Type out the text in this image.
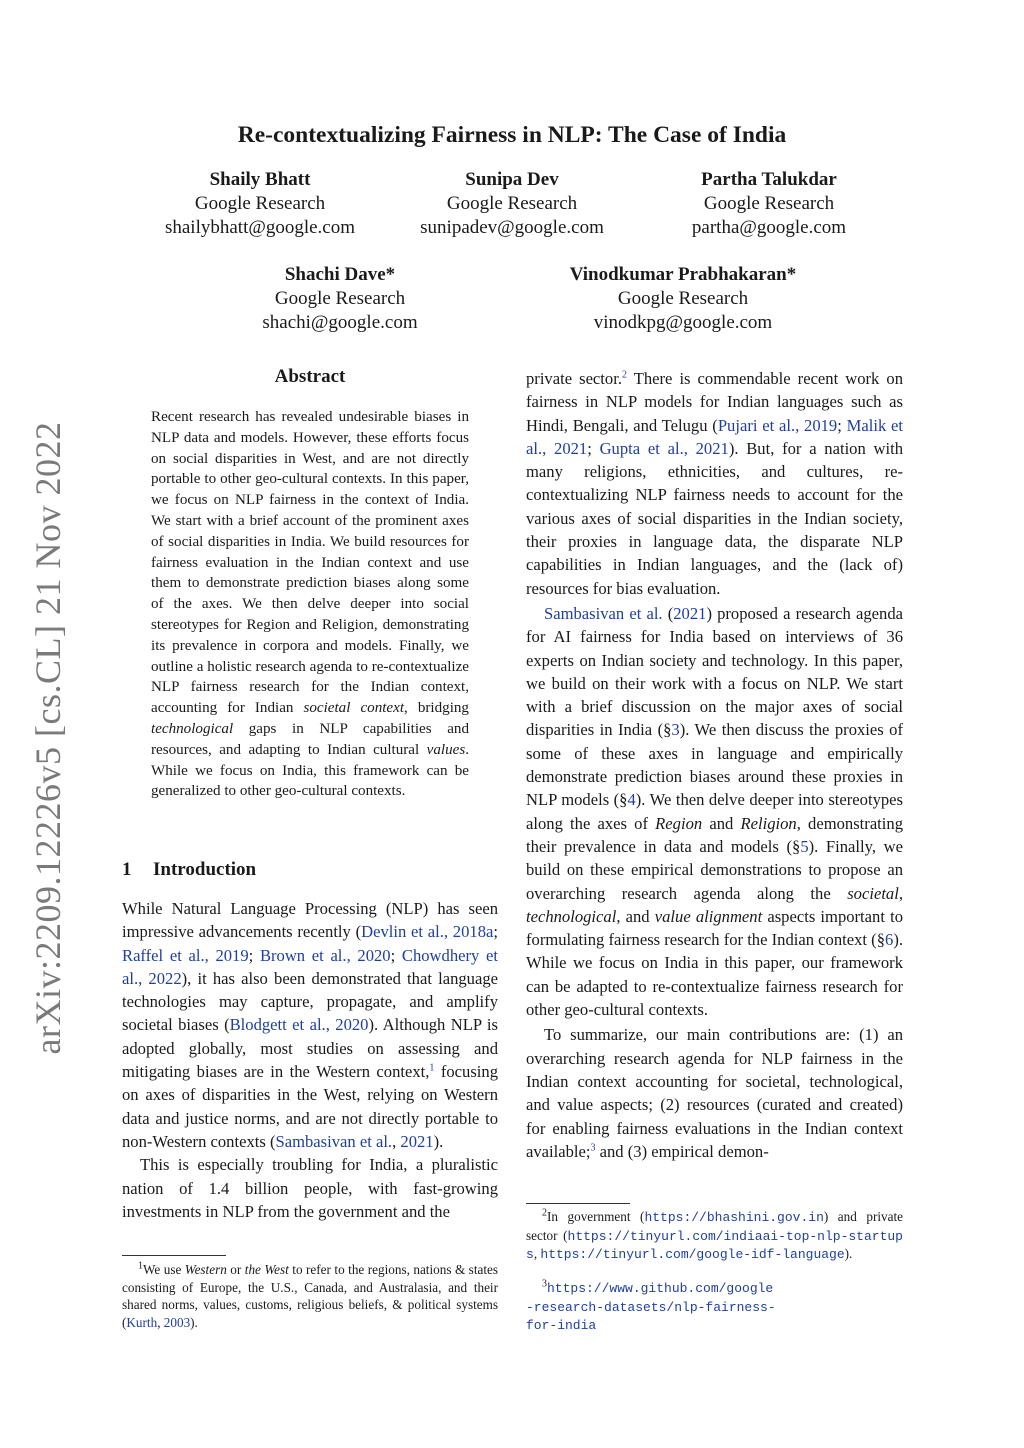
arXiv:2209.12226v5 [cs.CL] 21 Nov 2022
Re-contextualizing Fairness in NLP: The Case of India
Shaily Bhatt
Google Research
shailybhatt@google.com
Sunipa Dev
Google Research
sunipadev@google.com
Partha Talukdar
Google Research
partha@google.com
Shachi Dave*
Google Research
shachi@google.com
Vinodkumar Prabhakaran*
Google Research
vinodkpg@google.com
Abstract
Recent research has revealed undesirable biases in NLP data and models. However, these efforts focus on social disparities in West, and are not directly portable to other geo-cultural contexts. In this paper, we focus on NLP fairness in the context of India. We start with a brief account of the prominent axes of social disparities in India. We build resources for fairness evaluation in the Indian context and use them to demonstrate prediction biases along some of the axes. We then delve deeper into social stereotypes for Region and Religion, demonstrating its prevalence in corpora and models. Finally, we outline a holistic research agenda to re-contextualize NLP fairness research for the Indian context, accounting for Indian societal context, bridging technological gaps in NLP capabilities and resources, and adapting to Indian cultural values. While we focus on India, this framework can be generalized to other geo-cultural contexts.
1 Introduction

While Natural Language Processing (NLP) has seen impressive advancements recently (Devlin et al., 2018a; Raffel et al., 2019; Brown et al., 2020; Chowdhery et al., 2022), it has also been demonstrated that language technologies may capture, propagate, and amplify societal biases (Blodgett et al., 2020). Although NLP is adopted globally, most studies on assessing and mitigating biases are in the Western context,$^1$ focusing on axes of disparities in the West, relying on Western data and justice norms, and are not directly portable to non-Western contexts (Sambasivan et al., 2021).

This is especially troubling for India, a pluralistic nation of 1.4 billion people, with fast-growing investments in NLP from the government and the

$^1$We use Western or the West to refer to the regions, nations & states consisting of Europe, the U.S., Canada, and Australasia, and their shared norms, values, customs, religious beliefs, & political systems (Kurth, 2003).

private sector.$^2$ There is commendable recent work on fairness in NLP models for Indian languages such as Hindi, Bengali, and Telugu (Pujari et al., 2019; Malik et al., 2021; Gupta et al., 2021). But, for a nation with many religions, ethnicities, and cultures, re-contextualizing NLP fairness needs to account for the various axes of social disparities in the Indian society, their proxies in language data, the disparate NLP capabilities in Indian languages, and the (lack of) resources for bias evaluation.

Sambasivan et al. (2021) proposed a research agenda for AI fairness for India based on interviews of 36 experts on Indian society and technology. In this paper, we build on their work with a focus on NLP. We start with a brief discussion on the major axes of social disparities in India (§3). We then discuss the proxies of some of these axes in language and empirically demonstrate prediction biases around these proxies in NLP models (§4). We then delve deeper into stereotypes along the axes of Region and Religion, demonstrating their prevalence in data and models (§5). Finally, we build on these empirical demonstrations to propose an overarching research agenda along the societal, technological, and value alignment aspects important to formulating fairness research for the Indian context (§6). While we focus on India in this paper, our framework can be adapted to re-contextualize fairness research for other geo-cultural contexts.

To summarize, our main contributions are: (1) an overarching research agenda for NLP fairness in the Indian context accounting for societal, technological, and value aspects; (2) resources (curated and created) for enabling fairness evaluations in the Indian context available;$^3$ and (3) empirical demon-

$^2$In government (https://bhashini.gov.in) and private sector (https://tinyurl.com/indiaai-top-nlp-startups, https://tinyurl.com/google-idf-language).

$^3$https://www.github.com/google-research-datasets/nlp-fairness-for-india
